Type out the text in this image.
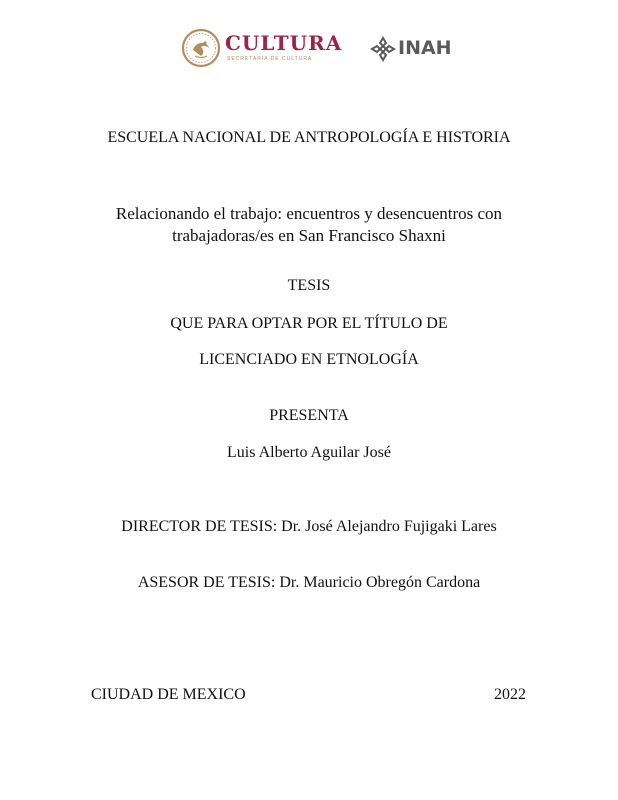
CULTURA
SECRETARÍA DE CULTURA	INAH
ESCUELA NACIONAL DE ANTROPOLOGÍA E HISTORIA
Relacionando el trabajo: encuentros y desencuentros con
trabajadoras/es en San Francisco Shaxni
TESIS
QUE PARA OPTAR POR EL TÍTULO DE
LICENCIADO EN ETNOLOGÍA
PRESENTA
Luis Alberto Aguilar José
DIRECTOR DE TESIS: Dr. José Alejandro Fujigaki Lares
ASESOR DE TESIS: Dr. Mauricio Obregón Cardona
CIUDAD DE MEXICO	2022
